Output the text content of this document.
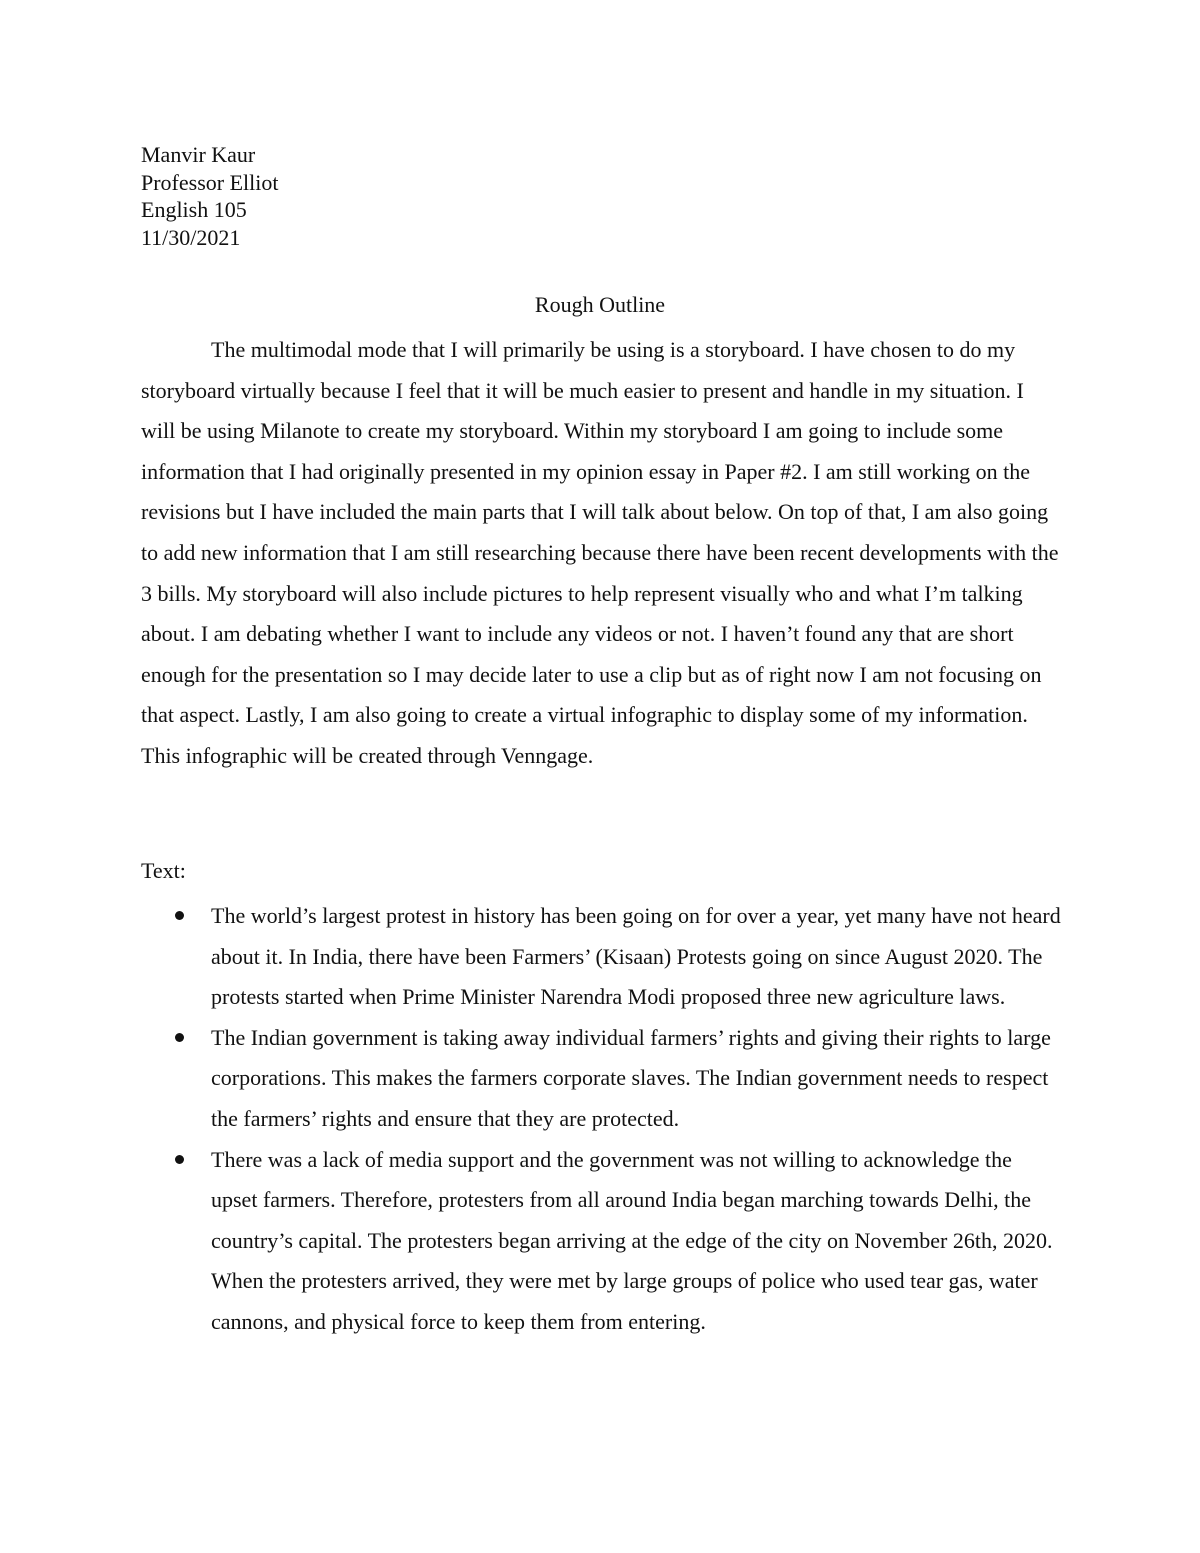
Manvir Kaur
Professor Elliot
English 105
11/30/2021
Rough Outline

The multimodal mode that I will primarily be using is a storyboard. I have chosen to do my storyboard virtually because I feel that it will be much easier to present and handle in my situation. I will be using Milanote to create my storyboard. Within my storyboard I am going to include some information that I had originally presented in my opinion essay in Paper #2. I am still working on the revisions but I have included the main parts that I will talk about below. On top of that, I am also going to add new information that I am still researching because there have been recent developments with the 3 bills. My storyboard will also include pictures to help represent visually who and what I’m talking about. I am debating whether I want to include any videos or not. I haven’t found any that are short enough for the presentation so I may decide later to use a clip but as of right now I am not focusing on that aspect. Lastly, I am also going to create a virtual infographic to display some of my information. This infographic will be created through Venngage.

Text:
The world’s largest protest in history has been going on for over a year, yet many have not heard about it. In India, there have been Farmers’ (Kisaan) Protests going on since August 2020. The protests started when Prime Minister Narendra Modi proposed three new agriculture laws.
The Indian government is taking away individual farmers’ rights and giving their rights to large corporations. This makes the farmers corporate slaves. The Indian government needs to respect the farmers’ rights and ensure that they are protected.
There was a lack of media support and the government was not willing to acknowledge the upset farmers. Therefore, protesters from all around India began marching towards Delhi, the country’s capital. The protesters began arriving at the edge of the city on November 26th, 2020. When the protesters arrived, they were met by large groups of police who used tear gas, water cannons, and physical force to keep them from entering.
